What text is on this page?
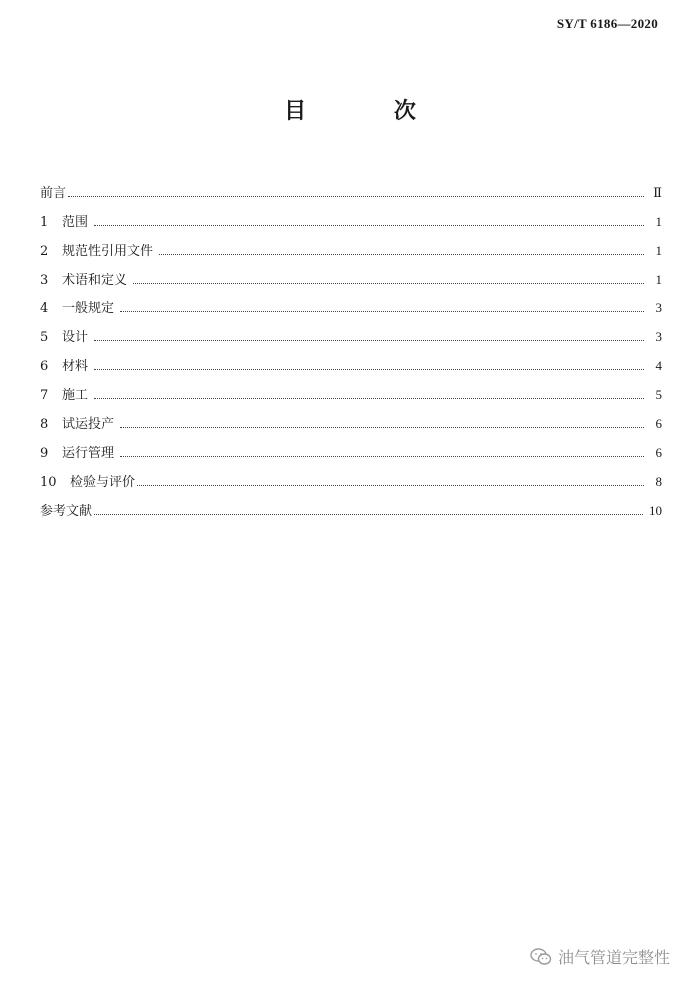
SY/T 6186—2020
目 次
前言	Ⅱ
1	范围	1
2	规范性引用文件	1
3	术语和定义	1
4	一般规定	3
5	设计	3
6	材料	4
7	施工	5
8	试运投产	6
9	运行管理	6
10	检验与评价	8
参考文献	10
油气管道完整性
